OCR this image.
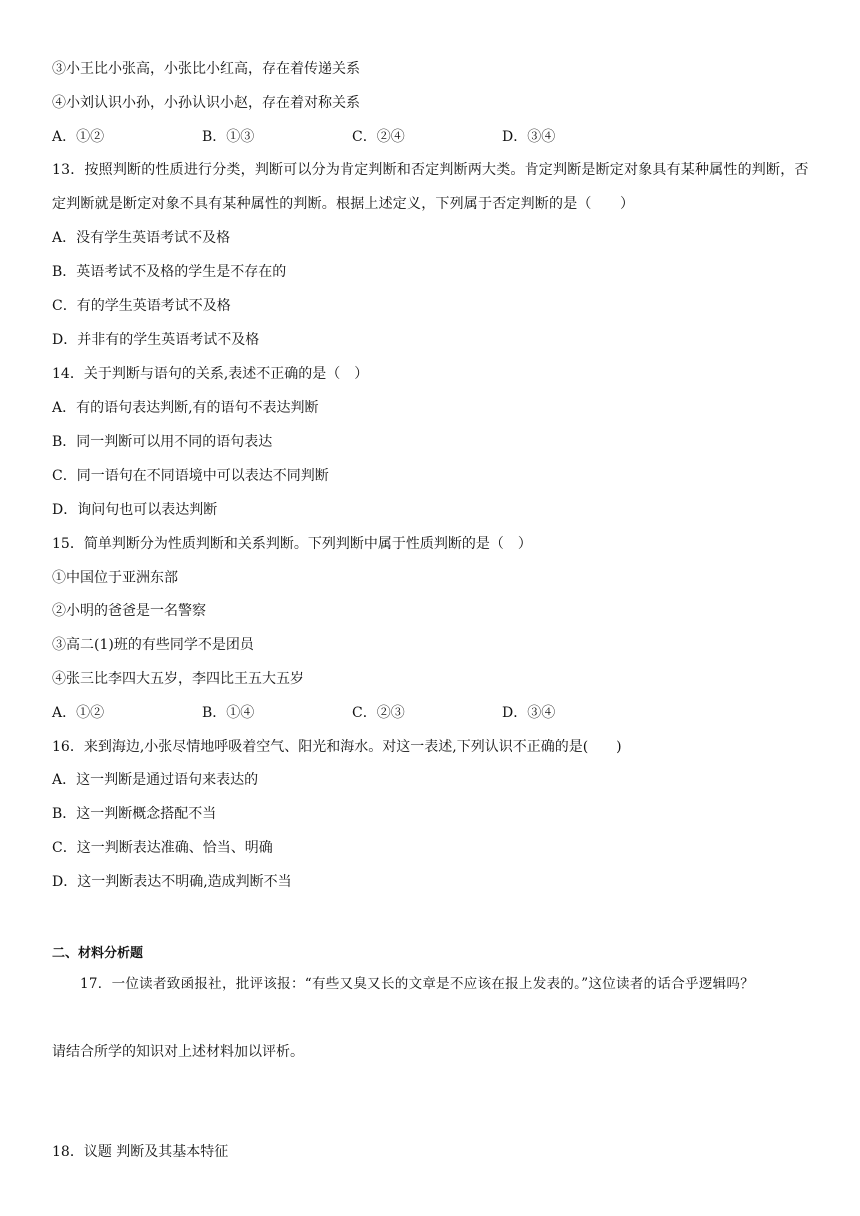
③小王比小张高，小张比小红高，存在着传递关系
④小刘认识小孙，小孙认识小赵，存在着对称关系
A．①②	B．①③	C．②④	D．③④
13．按照判断的性质进行分类，判断可以分为肯定判断和否定判断两大类。肯定判断是断定对象具有某种属性的判断，否定判断就是断定对象不具有某种属性的判断。根据上述定义，下列属于否定判断的是（　　）
A．没有学生英语考试不及格
B．英语考试不及格的学生是不存在的
C．有的学生英语考试不及格
D．并非有的学生英语考试不及格
14．关于判断与语句的关系,表述不正确的是（　）
A．有的语句表达判断,有的语句不表达判断
B．同一判断可以用不同的语句表达
C．同一语句在不同语境中可以表达不同判断
D．询问句也可以表达判断
15．简单判断分为性质判断和关系判断。下列判断中属于性质判断的是（　）
①中国位于亚洲东部
②小明的爸爸是一名警察
③高二(1)班的有些同学不是团员
④张三比李四大五岁，李四比王五大五岁
A．①②	B．①④	C．②③	D．③④
16．来到海边,小张尽情地呼吸着空气、阳光和海水。对这一表述,下列认识不正确的是(　　)
A．这一判断是通过语句来表达的
B．这一判断概念搭配不当
C．这一判断表达准确、恰当、明确
D．这一判断表达不明确,造成判断不当
二、材料分析题
17．一位读者致函报社，批评该报：“有些又臭又长的文章是不应该在报上发表的。”这位读者的话合乎逻辑吗？
请结合所学的知识对上述材料加以评析。
18．议题 判断及其基本特征
